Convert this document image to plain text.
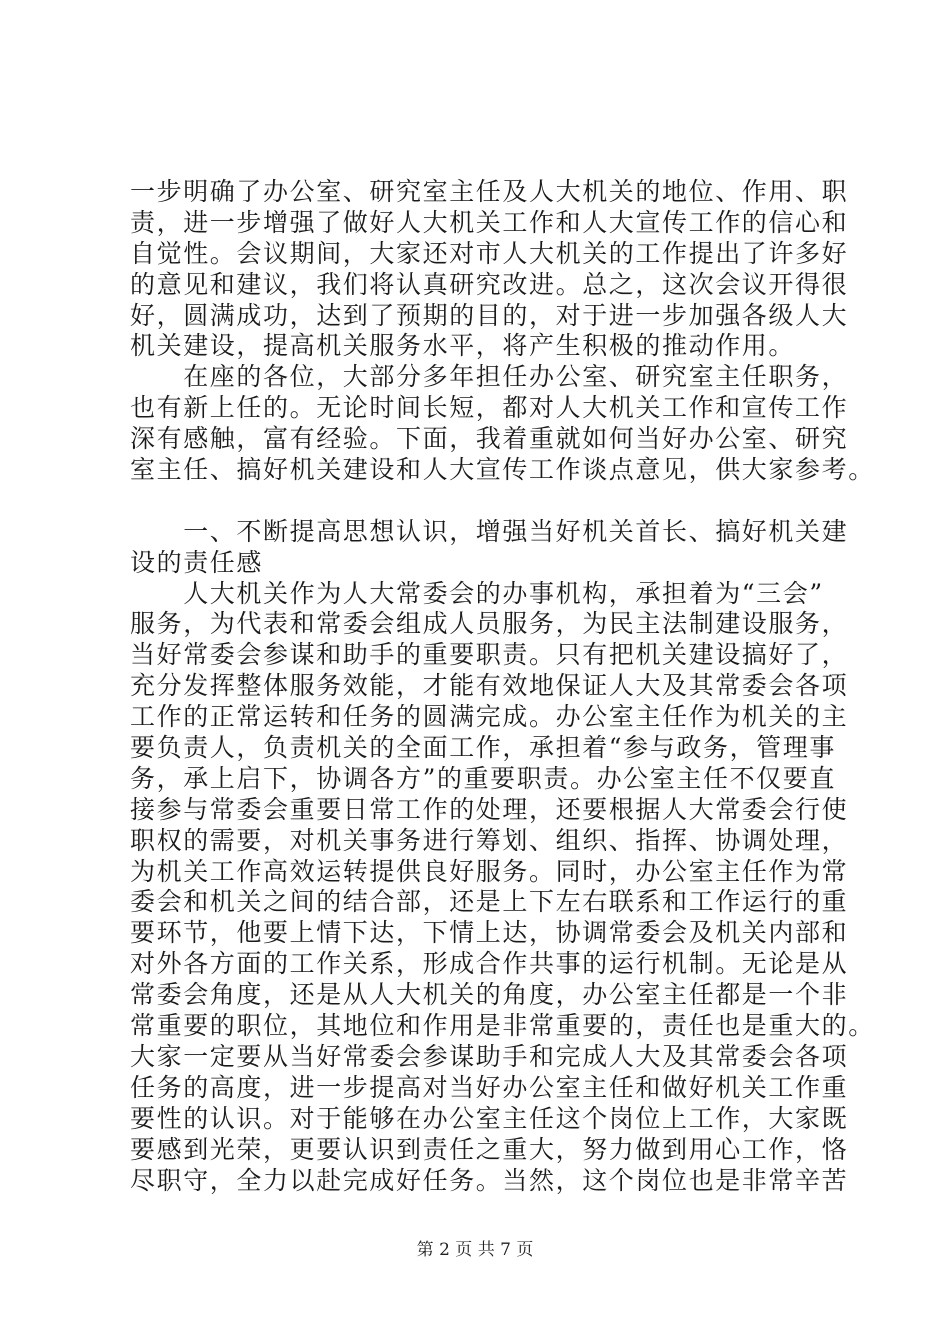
一步明确了办公室、研究室主任及人大机关的地位、作用、职
责，进一步增强了做好人大机关工作和人大宣传工作的信心和
自觉性。会议期间，大家还对市人大机关的工作提出了许多好
的意见和建议，我们将认真研究改进。总之，这次会议开得很
好，圆满成功，达到了预期的目的，对于进一步加强各级人大
机关建设，提高机关服务水平，将产生积极的推动作用。
　　在座的各位，大部分多年担任办公室、研究室主任职务，
也有新上任的。无论时间长短，都对人大机关工作和宣传工作
深有感触，富有经验。下面，我着重就如何当好办公室、研究
室主任、搞好机关建设和人大宣传工作谈点意见，供大家参考。
　　一、不断提高思想认识，增强当好机关首长、搞好机关建
设的责任感
　　人大机关作为人大常委会的办事机构，承担着为“三会”
服务，为代表和常委会组成人员服务，为民主法制建设服务，
当好常委会参谋和助手的重要职责。只有把机关建设搞好了，
充分发挥整体服务效能，才能有效地保证人大及其常委会各项
工作的正常运转和任务的圆满完成。办公室主任作为机关的主
要负责人，负责机关的全面工作，承担着“参与政务，管理事
务，承上启下，协调各方”的重要职责。办公室主任不仅要直
接参与常委会重要日常工作的处理，还要根据人大常委会行使
职权的需要，对机关事务进行筹划、组织、指挥、协调处理，
为机关工作高效运转提供良好服务。同时，办公室主任作为常
委会和机关之间的结合部，还是上下左右联系和工作运行的重
要环节，他要上情下达，下情上达，协调常委会及机关内部和
对外各方面的工作关系，形成合作共事的运行机制。无论是从
常委会角度，还是从人大机关的角度，办公室主任都是一个非
常重要的职位，其地位和作用是非常重要的，责任也是重大的。
大家一定要从当好常委会参谋助手和完成人大及其常委会各项
任务的高度，进一步提高对当好办公室主任和做好机关工作重
要性的认识。对于能够在办公室主任这个岗位上工作，大家既
要感到光荣，更要认识到责任之重大，努力做到用心工作，恪
尽职守，全力以赴完成好任务。当然，这个岗位也是非常辛苦
第 2 页 共 7 页
